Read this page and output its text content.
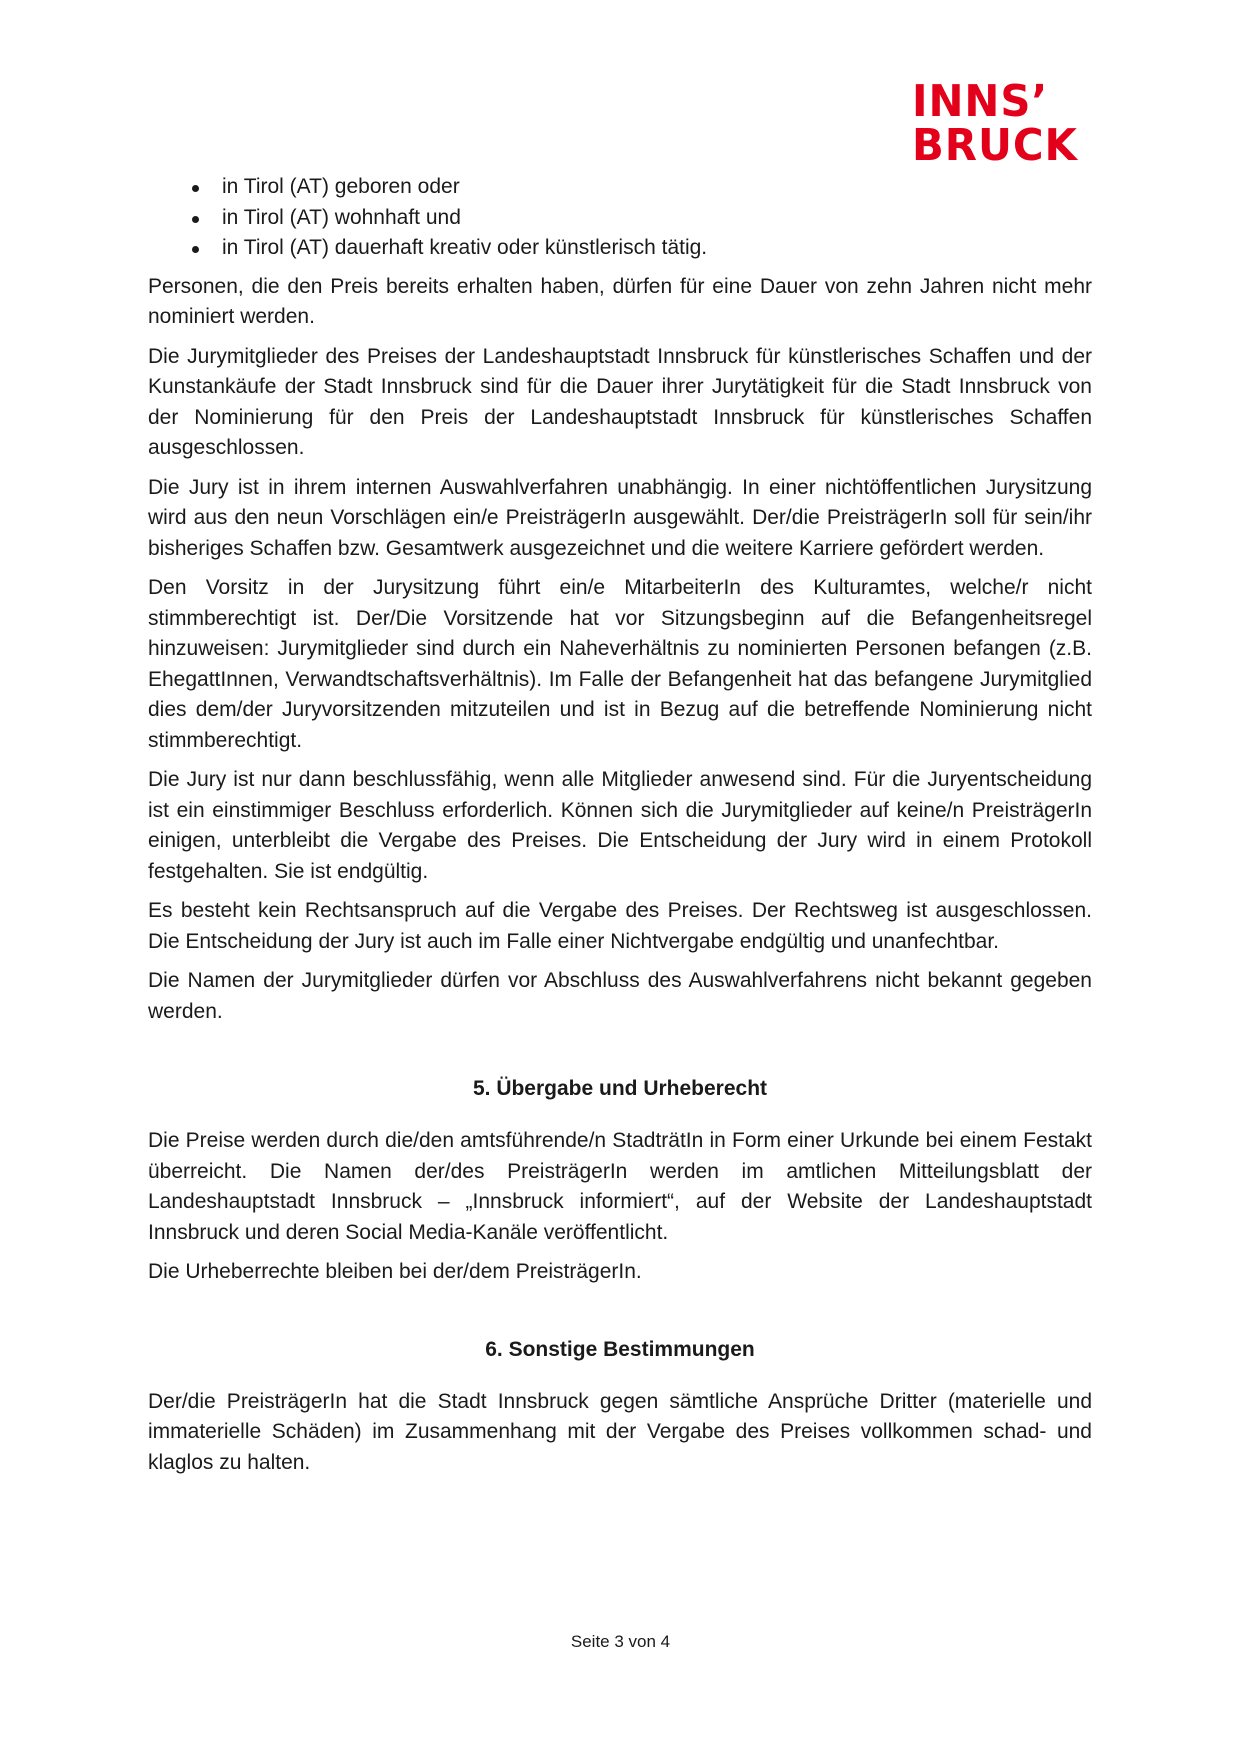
INNS’
BRUCK
in Tirol (AT) geboren oder
in Tirol (AT) wohnhaft und
in Tirol (AT) dauerhaft kreativ oder künstlerisch tätig.

Personen, die den Preis bereits erhalten haben, dürfen für eine Dauer von zehn Jahren nicht mehr nominiert werden.

Die Jurymitglieder des Preises der Landeshauptstadt Innsbruck für künstlerisches Schaffen und der Kunstankäufe der Stadt Innsbruck sind für die Dauer ihrer Jurytätigkeit für die Stadt Innsbruck von der Nominierung für den Preis der Landeshauptstadt Innsbruck für künstlerisches Schaffen ausgeschlossen.

Die Jury ist in ihrem internen Auswahlverfahren unabhängig. In einer nichtöffentlichen Jurysitzung wird aus den neun Vorschlägen ein/e PreisträgerIn ausgewählt. Der/die PreisträgerIn soll für sein/ihr bisheriges Schaffen bzw. Gesamtwerk ausgezeichnet und die weitere Karriere gefördert werden.

Den Vorsitz in der Jurysitzung führt ein/e MitarbeiterIn des Kulturamtes, welche/r nicht stimmberechtigt ist. Der/Die Vorsitzende hat vor Sitzungsbeginn auf die Befangenheitsregel hinzuweisen: Jurymitglieder sind durch ein Naheverhältnis zu nominierten Personen befangen (z.B. EhegattInnen, Verwandtschaftsverhältnis). Im Falle der Befangenheit hat das befangene Jurymitglied dies dem/der Juryvorsitzenden mitzuteilen und ist in Bezug auf die betreffende Nominierung nicht stimmberechtigt.

Die Jury ist nur dann beschlussfähig, wenn alle Mitglieder anwesend sind. Für die Juryentscheidung ist ein einstimmiger Beschluss erforderlich. Können sich die Jurymitglieder auf keine/n PreisträgerIn einigen, unterbleibt die Vergabe des Preises. Die Entscheidung der Jury wird in einem Protokoll festgehalten. Sie ist endgültig.

Es besteht kein Rechtsanspruch auf die Vergabe des Preises. Der Rechtsweg ist ausgeschlossen. Die Entscheidung der Jury ist auch im Falle einer Nichtvergabe endgültig und unanfechtbar.

Die Namen der Jurymitglieder dürfen vor Abschluss des Auswahlverfahrens nicht bekannt gegeben werden.

5. Übergabe und Urheberecht

Die Preise werden durch die/den amtsführende/n StadträtIn in Form einer Urkunde bei einem Festakt überreicht. Die Namen der/des PreisträgerIn werden im amtlichen Mitteilungsblatt der Landeshauptstadt Innsbruck – „Innsbruck informiert“, auf der Website der Landeshauptstadt Innsbruck und deren Social Media-Kanäle veröffentlicht.

Die Urheberrechte bleiben bei der/dem PreisträgerIn.

6. Sonstige Bestimmungen

Der/die PreisträgerIn hat die Stadt Innsbruck gegen sämtliche Ansprüche Dritter (materielle und immaterielle Schäden) im Zusammenhang mit der Vergabe des Preises vollkommen schad- und klaglos zu halten.

Seite 3 von 4
